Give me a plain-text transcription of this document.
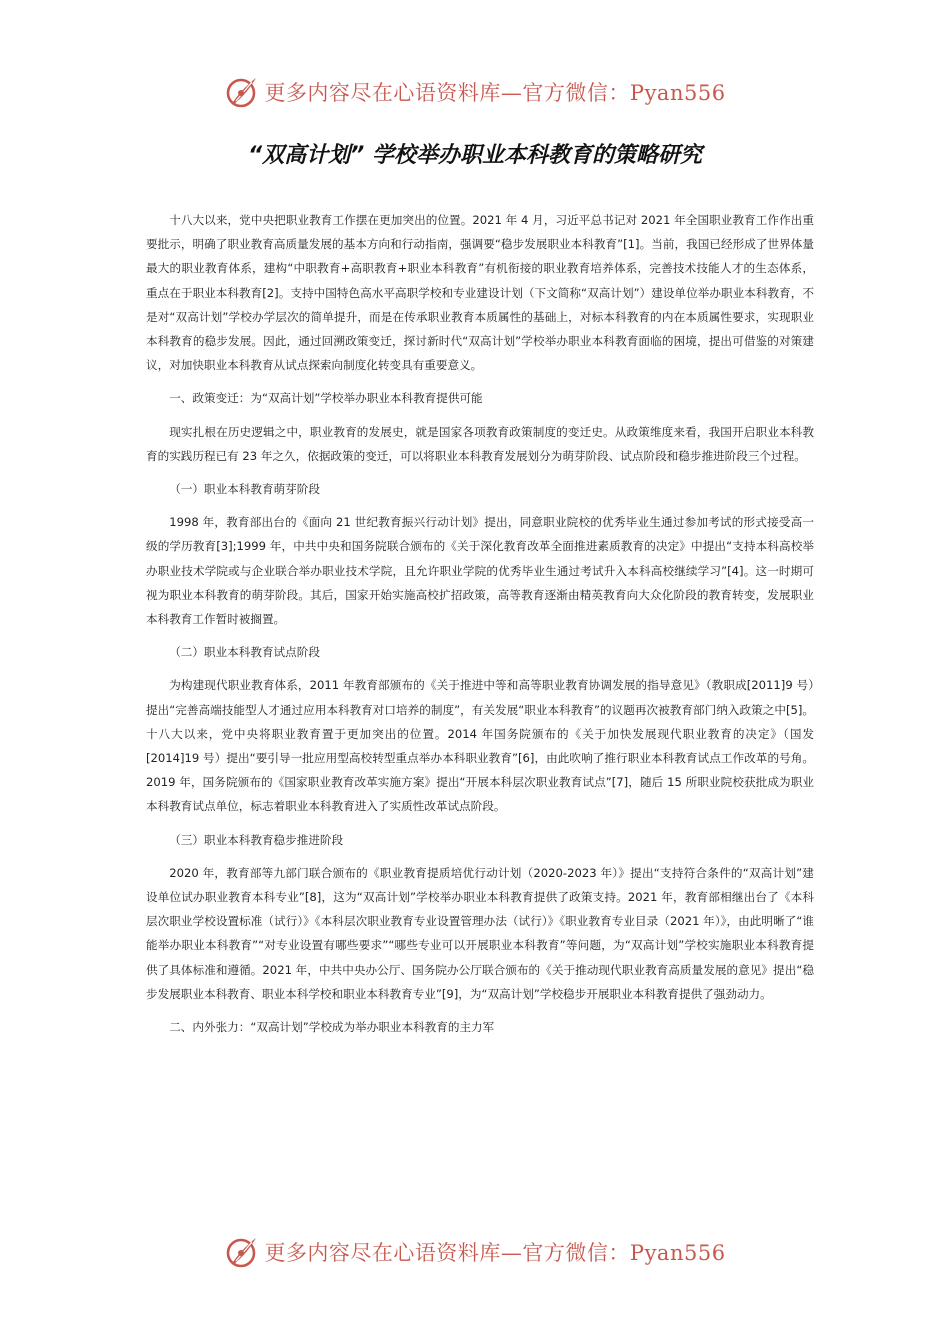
更多内容尽在心语资料库—官方微信：Pyan556
“双高计划” 学校举办职业本科教育的策略研究

十八大以来，党中央把职业教育工作摆在更加突出的位置。2021 年 4 月，习近平总书记对 2021 年全国职业教育工作作出重要批示，明确了职业教育高质量发展的基本方向和行动指南，强调要“稳步发展职业本科教育”[1]。当前，我国已经形成了世界体量最大的职业教育体系，建构“中职教育+高职教育+职业本科教育”有机衔接的职业教育培养体系，完善技术技能人才的生态体系，重点在于职业本科教育[2]。支持中国特色高水平高职学校和专业建设计划（下文简称“双高计划”）建设单位举办职业本科教育，不是对“双高计划”学校办学层次的简单提升，而是在传承职业教育本质属性的基础上，对标本科教育的内在本质属性要求，实现职业本科教育的稳步发展。因此，通过回溯政策变迁，探讨新时代“双高计划”学校举办职业本科教育面临的困境，提出可借鉴的对策建议，对加快职业本科教育从试点探索向制度化转变具有重要意义。

一、政策变迁：为“双高计划”学校举办职业本科教育提供可能

现实扎根在历史逻辑之中，职业教育的发展史，就是国家各项教育政策制度的变迁史。从政策维度来看，我国开启职业本科教育的实践历程已有 23 年之久，依据政策的变迁，可以将职业本科教育发展划分为萌芽阶段、试点阶段和稳步推进阶段三个过程。

（一）职业本科教育萌芽阶段

1998 年，教育部出台的《面向 21 世纪教育振兴行动计划》提出，同意职业院校的优秀毕业生通过参加考试的形式接受高一级的学历教育[3];1999 年，中共中央和国务院联合颁布的《关于深化教育改革全面推进素质教育的决定》中提出“支持本科高校举办职业技术学院或与企业联合举办职业技术学院，且允许职业学院的优秀毕业生通过考试升入本科高校继续学习”[4]。这一时期可视为职业本科教育的萌芽阶段。其后，国家开始实施高校扩招政策，高等教育逐渐由精英教育向大众化阶段的教育转变，发展职业本科教育工作暂时被搁置。

（二）职业本科教育试点阶段

为构建现代职业教育体系，2011 年教育部颁布的《关于推进中等和高等职业教育协调发展的指导意见》（教职成[2011]9 号）提出“完善高端技能型人才通过应用本科教育对口培养的制度”，有关发展“职业本科教育”的议题再次被教育部门纳入政策之中[5]。十八大以来，党中央将职业教育置于更加突出的位置。2014 年国务院颁布的《关于加快发展现代职业教育的决定》（国发[2014]19 号）提出“要引导一批应用型高校转型重点举办本科职业教育”[6]，由此吹响了推行职业本科教育试点工作改革的号角。2019 年，国务院颁布的《国家职业教育改革实施方案》提出“开展本科层次职业教育试点”[7]，随后 15 所职业院校获批成为职业本科教育试点单位，标志着职业本科教育进入了实质性改革试点阶段。

（三）职业本科教育稳步推进阶段

2020 年，教育部等九部门联合颁布的《职业教育提质培优行动计划（2020-2023 年）》提出“支持符合条件的“双高计划”建设单位试办职业教育本科专业”[8]，这为“双高计划”学校举办职业本科教育提供了政策支持。2021 年，教育部相继出台了《本科层次职业学校设置标准（试行）》《本科层次职业教育专业设置管理办法（试行）》《职业教育专业目录（2021 年）》，由此明晰了“谁能举办职业本科教育”“对专业设置有哪些要求”“哪些专业可以开展职业本科教育”等问题，为“双高计划”学校实施职业本科教育提供了具体标准和遵循。2021 年，中共中央办公厅、国务院办公厅联合颁布的《关于推动现代职业教育高质量发展的意见》提出“稳步发展职业本科教育、职业本科学校和职业本科教育专业”[9]，为“双高计划”学校稳步开展职业本科教育提供了强劲动力。

二、内外张力：“双高计划”学校成为举办职业本科教育的主力军

更多内容尽在心语资料库—官方微信：Pyan556
